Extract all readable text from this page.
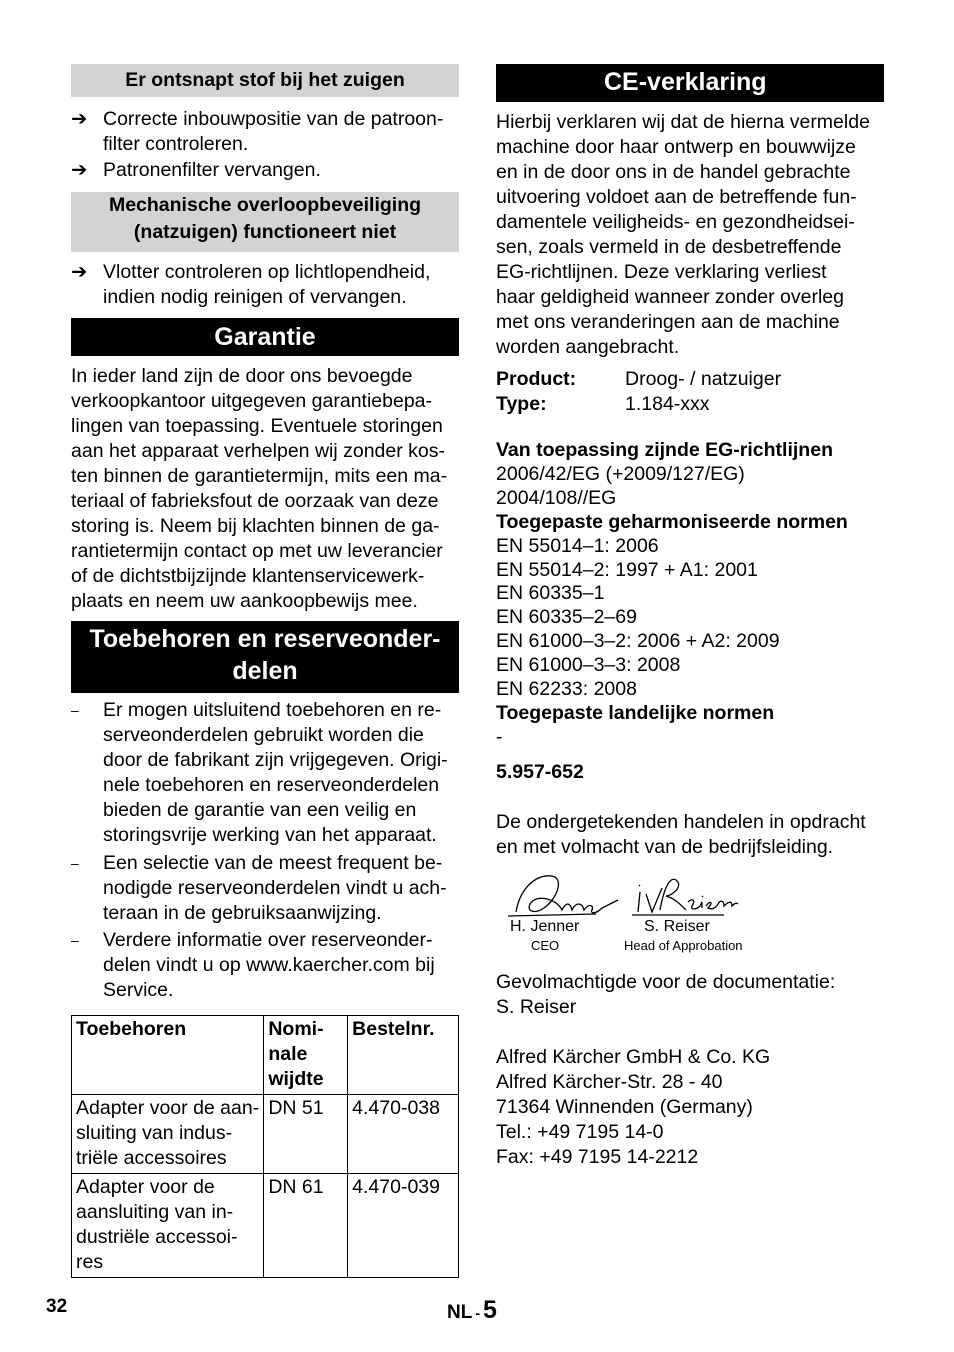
Er ontsnapt stof bij het zuigen
➔ Correcte inbouwpositie van de patroon-
filter controleren.
➔ Patronenfilter vervangen.
Mechanische overloopbeveiliging
(natzuigen) functioneert niet
➔ Vlotter controleren op lichtlopendheid,
indien nodig reinigen of vervangen.
Garantie
In ieder land zijn de door ons bevoegde
verkoopkantoor uitgegeven garantiebepa-
lingen van toepassing. Eventuele storingen
aan het apparaat verhelpen wij zonder kos-
ten binnen de garantietermijn, mits een ma-
teriaal of fabrieksfout de oorzaak van deze
storing is. Neem bij klachten binnen de ga-
rantietermijn contact op met uw leverancier
of de dichtstbijzijnde klantenservicewerk-
plaats en neem uw aankoopbewijs mee.
Toebehoren en reserveonder-
delen
–	Er mogen uitsluitend toebehoren en re-
serveonderdelen gebruikt worden die
door de fabrikant zijn vrijgegeven. Origi-
nele toebehoren en reserveonderdelen
bieden de garantie van een veilig en
storingsvrije werking van het apparaat.
–	Een selectie van de meest frequent be-
nodigde reserveonderdelen vindt u ach-
teraan in de gebruiksaanwijzing.
–	Verdere informatie over reserveonder-
delen vindt u op www.kaercher.com bij
Service.
Toebehoren	Nomi-
nale
wijdte	Bestelnr.
Adapter voor de aan-
sluiting van indus-
triële accessoires	DN 51	4.470-038
Adapter voor de
aansluiting van in-
dustriële accessoi-
res	DN 61	4.470-039
CE-verklaring
Hierbij verklaren wij dat de hierna vermelde
machine door haar ontwerp en bouwwijze
en in de door ons in de handel gebrachte
uitvoering voldoet aan de betreffende fun-
damentele veiligheids- en gezondheidsei-
sen, zoals vermeld in de desbetreffende
EG-richtlijnen. Deze verklaring verliest
haar geldigheid wanneer zonder overleg
met ons veranderingen aan de machine
worden aangebracht.
Product:	Droog- / natzuiger
Type:	1.184-xxx
Van toepassing zijnde EG-richtlijnen
2006/42/EG (+2009/127/EG)
2004/108//EG
Toegepaste geharmoniseerde normen
EN 55014–1: 2006
EN 55014–2: 1997 + A1: 2001
EN 60335–1
EN 60335–2–69
EN 61000–3–2: 2006 + A2: 2009
EN 61000–3–3: 2008
EN 62233: 2008
Toegepaste landelijke normen
-
5.957-652
De ondergetekenden handelen in opdracht
en met volmacht van de bedrijfsleiding.
H. Jenner
CEO
S. Reiser
Head of Approbation
Gevolmachtigde voor de documentatie:
S. Reiser
Alfred Kärcher GmbH & Co. KG
Alfred Kärcher-Str. 28 - 40
71364 Winnenden (Germany)
Tel.: +49 7195 14-0
Fax: +49 7195 14-2212
32	NL - 5
